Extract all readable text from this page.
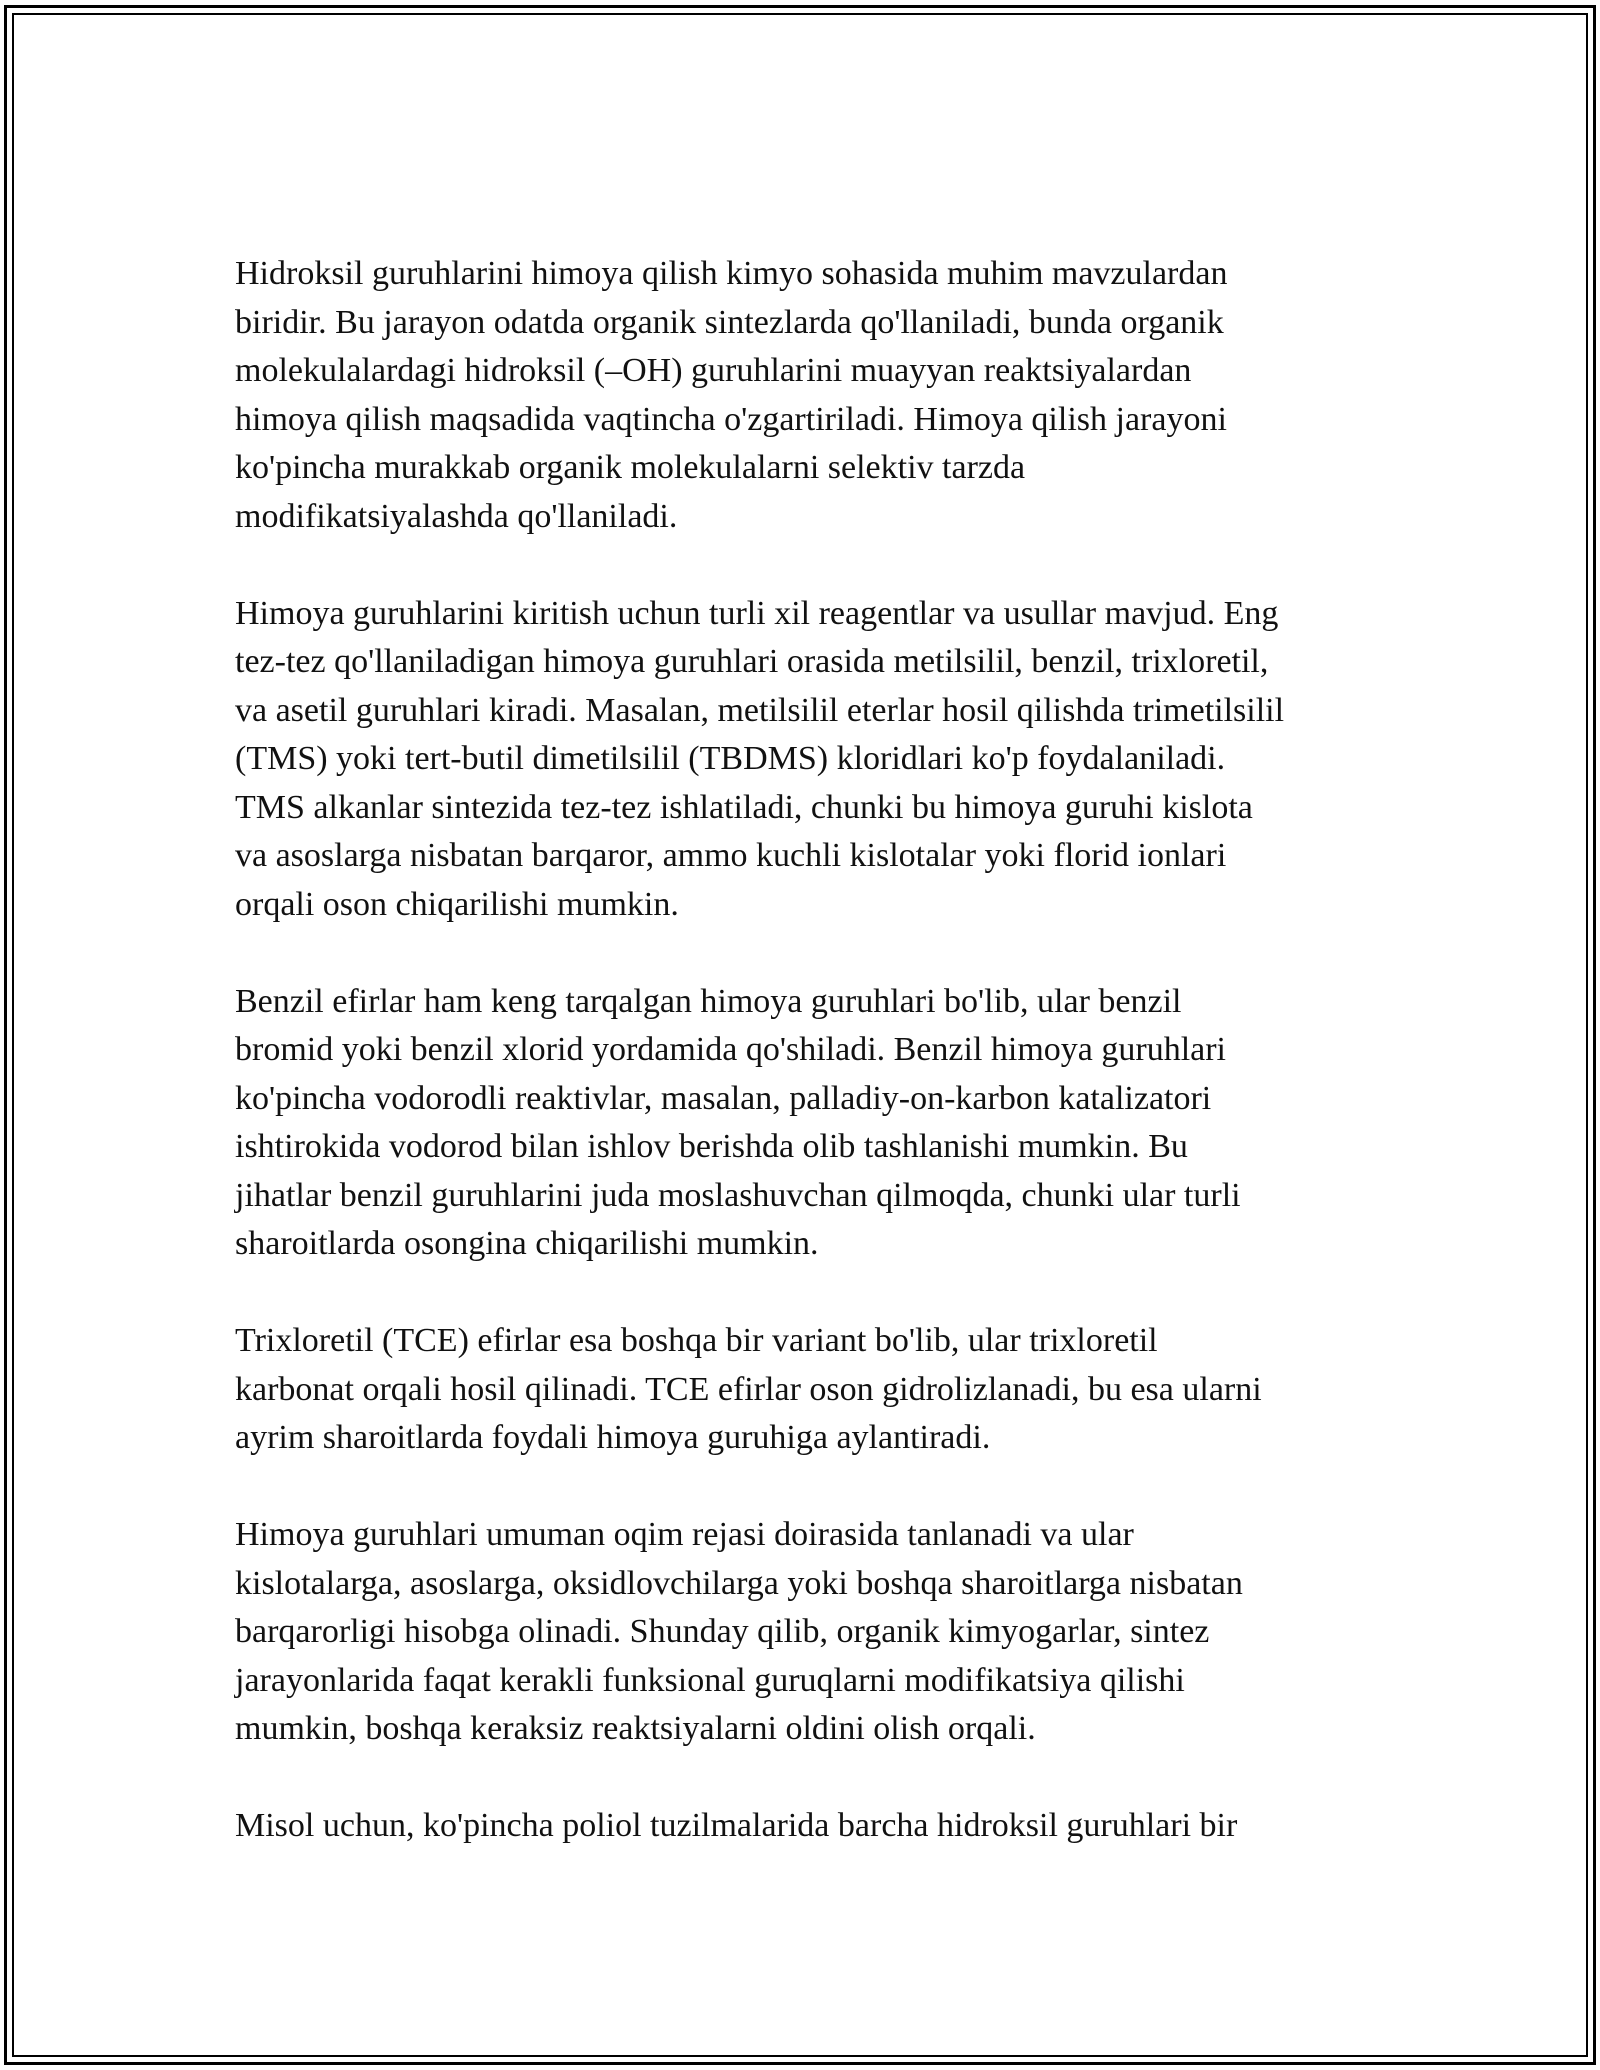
Hidroksil guruhlarini himoya qilish kimyo sohasida muhim mavzulardan
biridir. Bu jarayon odatda organik sintezlarda qo'llaniladi, bunda organik
molekulalardagi hidroksil (–OH) guruhlarini muayyan reaktsiyalardan
himoya qilish maqsadida vaqtincha o'zgartiriladi. Himoya qilish jarayoni
ko'pincha murakkab organik molekulalarni selektiv tarzda
modifikatsiyalashda qo'llaniladi.

Himoya guruhlarini kiritish uchun turli xil reagentlar va usullar mavjud. Eng
tez-tez qo'llaniladigan himoya guruhlari orasida metilsilil, benzil, trixloretil,
va asetil guruhlari kiradi. Masalan, metilsilil eterlar hosil qilishda trimetilsilil
(TMS) yoki tert-butil dimetilsilil (TBDMS) kloridlari ko'p foydalaniladi.
TMS alkanlar sintezida tez-tez ishlatiladi, chunki bu himoya guruhi kislota
va asoslarga nisbatan barqaror, ammo kuchli kislotalar yoki florid ionlari
orqali oson chiqarilishi mumkin.

Benzil efirlar ham keng tarqalgan himoya guruhlari bo'lib, ular benzil
bromid yoki benzil xlorid yordamida qo'shiladi. Benzil himoya guruhlari
ko'pincha vodorodli reaktivlar, masalan, palladiy-on-karbon katalizatori
ishtirokida vodorod bilan ishlov berishda olib tashlanishi mumkin. Bu
jihatlar benzil guruhlarini juda moslashuvchan qilmoqda, chunki ular turli
sharoitlarda osongina chiqarilishi mumkin.

Trixloretil (TCE) efirlar esa boshqa bir variant bo'lib, ular trixloretil
karbonat orqali hosil qilinadi. TCE efirlar oson gidrolizlanadi, bu esa ularni
ayrim sharoitlarda foydali himoya guruhiga aylantiradi.

Himoya guruhlari umuman oqim rejasi doirasida tanlanadi va ular
kislotalarga, asoslarga, oksidlovchilarga yoki boshqa sharoitlarga nisbatan
barqarorligi hisobga olinadi. Shunday qilib, organik kimyogarlar, sintez
jarayonlarida faqat kerakli funksional guruqlarni modifikatsiya qilishi
mumkin, boshqa keraksiz reaktsiyalarni oldini olish orqali.

Misol uchun, ko'pincha poliol tuzilmalarida barcha hidroksil guruhlari bir
